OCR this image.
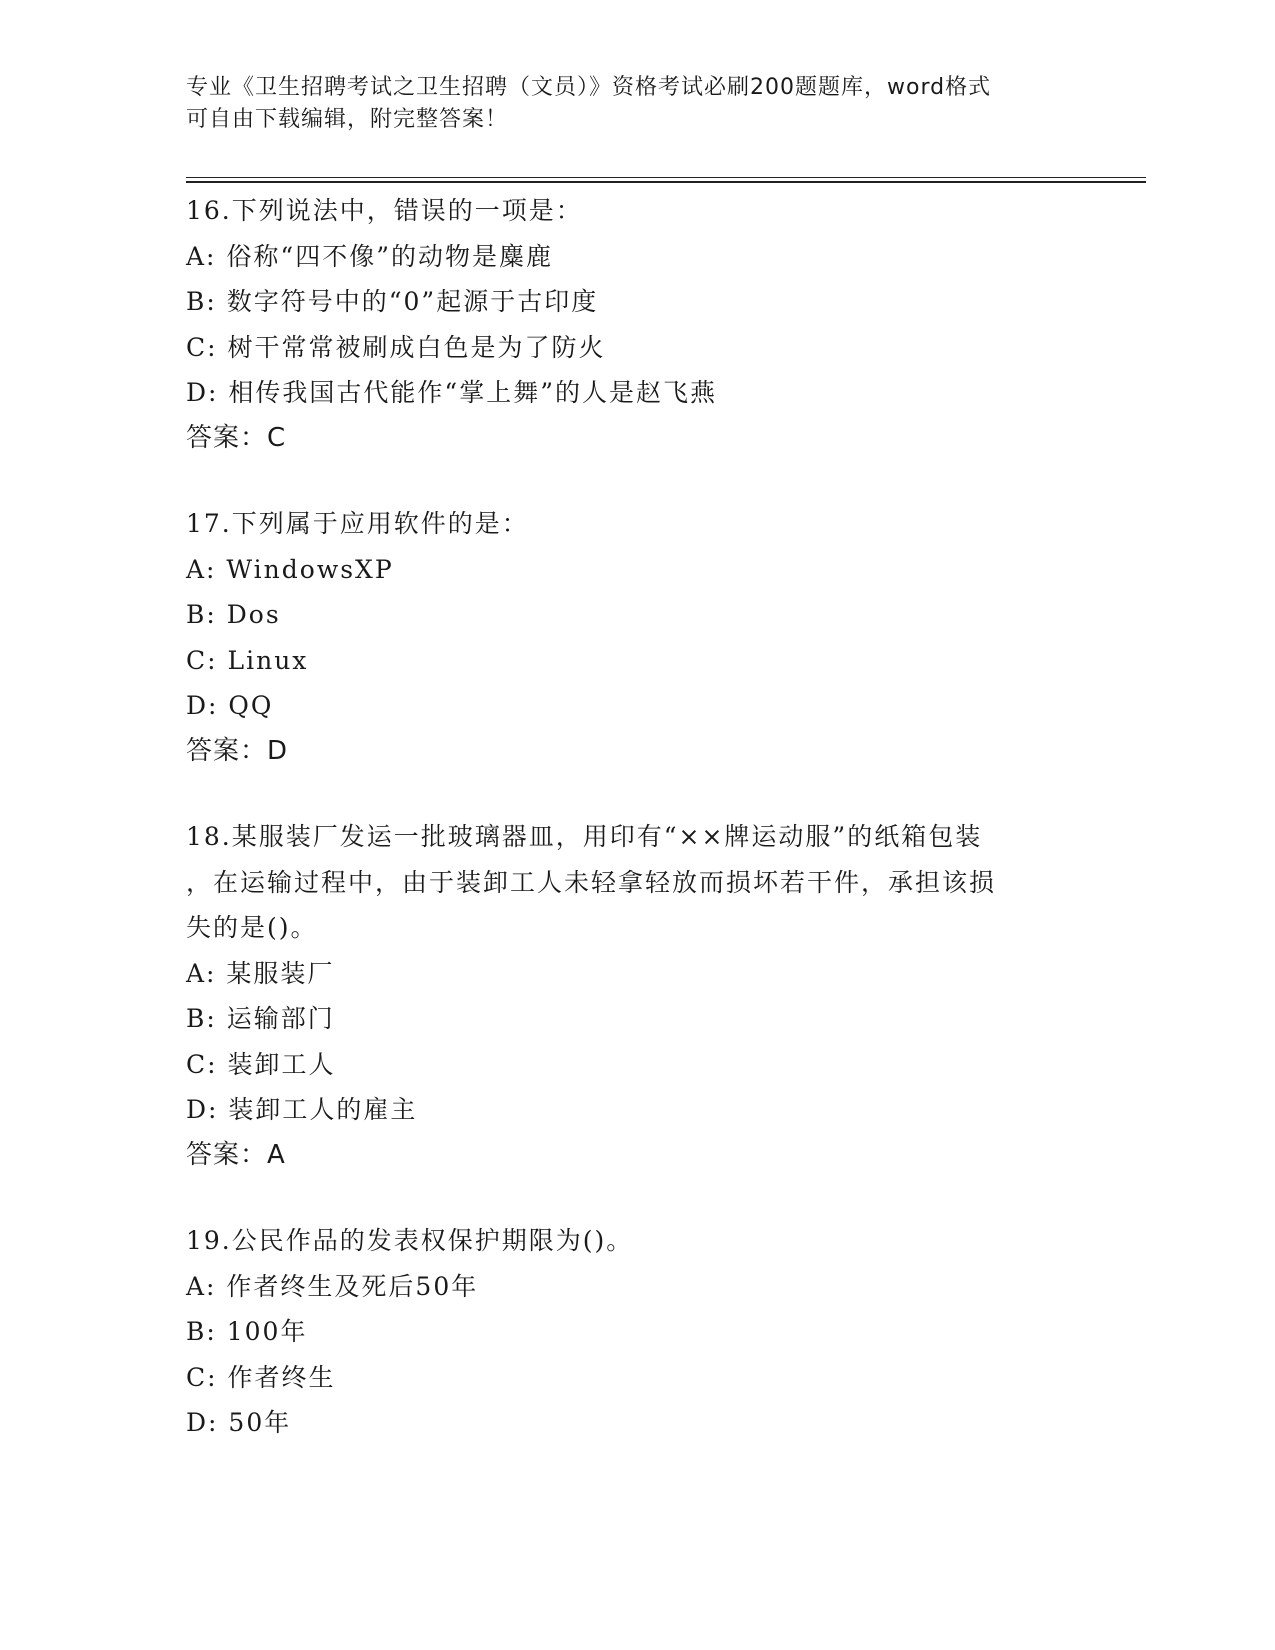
专业《卫生招聘考试之卫生招聘（文员）》资格考试必刷200题题库，word格式
可自由下载编辑，附完整答案！
16.下列说法中，错误的一项是：
A: 俗称“四不像”的动物是麋鹿
B: 数字符号中的“0”起源于古印度
C: 树干常常被刷成白色是为了防火
D: 相传我国古代能作“掌上舞”的人是赵飞燕
答案：C
17.下列属于应用软件的是：
A: WindowsXP
B: Dos
C: Linux
D: QQ
答案：D
18.某服装厂发运一批玻璃器皿，用印有“××牌运动服”的纸箱包装
，在运输过程中，由于装卸工人未轻拿轻放而损坏若干件，承担该损
失的是()。
A: 某服装厂
B: 运输部门
C: 装卸工人
D: 装卸工人的雇主
答案：A
19.公民作品的发表权保护期限为()。
A: 作者终生及死后50年
B: 100年
C: 作者终生
D: 50年
